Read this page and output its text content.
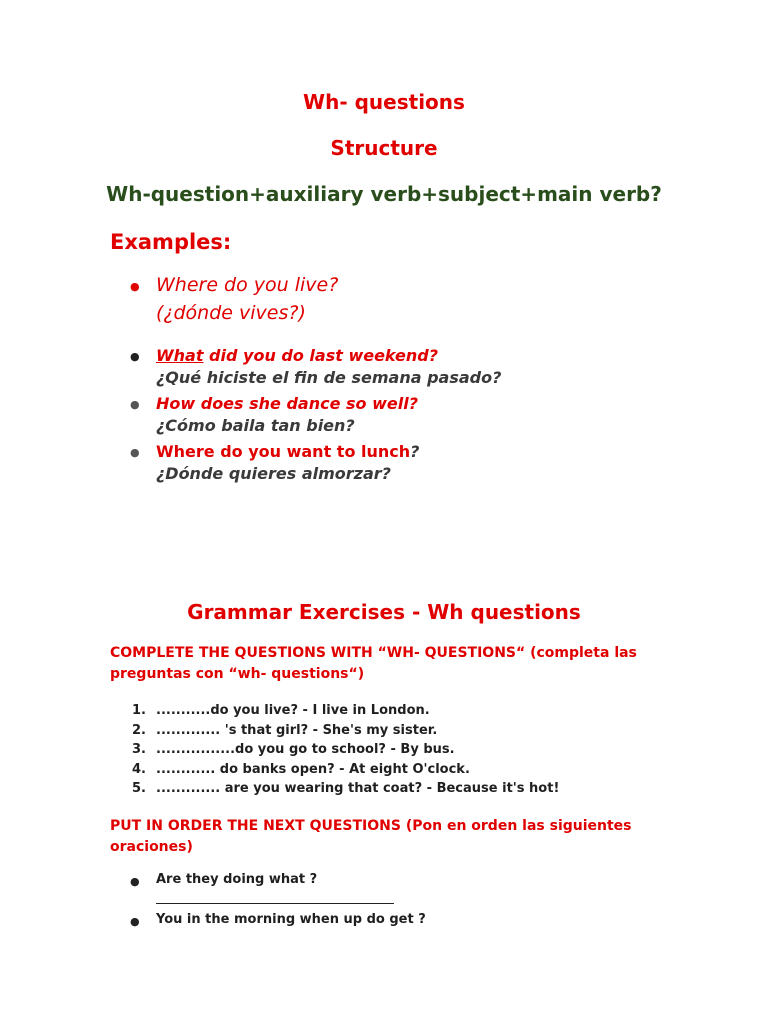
Wh- questions
Structure
Wh-question+auxiliary verb+subject+main verb?
Examples:
● Where do you live?
(¿dónde vives?)
● What did you do last weekend?
¿Qué hiciste el fin de semana pasado?
● How does she dance so well?
¿Cómo baila tan bien?
● Where do you want to lunch?
¿Dónde quieres almorzar?
Grammar Exercises - Wh questions
COMPLETE THE QUESTIONS WITH “WH- QUESTIONS“ (completa las preguntas con “wh- questions“)
1. ...........do you live? - I live in London.
2. ............. 's that girl? - She's my sister.
3. ................do you go to school? - By bus.
4. ............ do banks open? - At eight O'clock.
5. ............. are you wearing that coat? - Because it's hot!
PUT IN ORDER THE NEXT QUESTIONS (Pon en orden las siguientes oraciones)
● Are they doing what ?
● You in the morning when up do get ?
